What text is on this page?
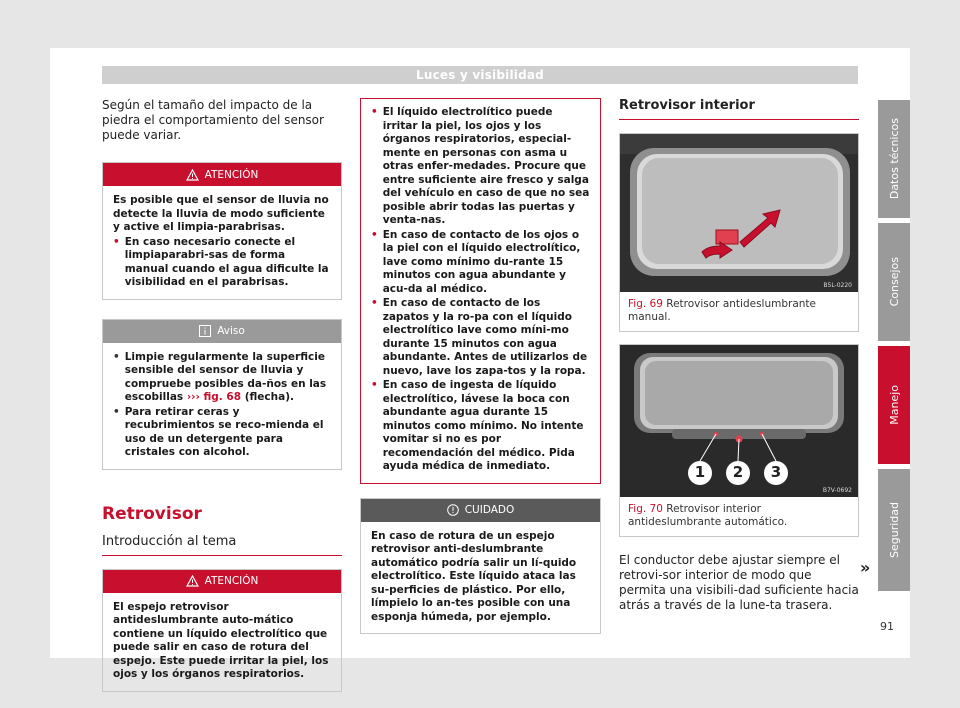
Luces y visibilidad

Según el tamaño del impacto de la piedra el comportamiento del sensor puede variar.

ATENCIÓN

Es posible que el sensor de lluvia no detecte la lluvia de modo suficiente y active el limpia-parabrisas.

• En caso necesario conecte el limpiaparabri-sas de forma manual cuando el agua dificulte la visibilidad en el parabrisas.
Aviso
• Limpie regularmente la superficie sensible del sensor de lluvia y compruebe posibles da-ños en las escobillas ››› fig. 68 (flecha).
• Para retirar ceras y recubrimientos se reco-mienda el uso de un detergente para cristales con alcohol.
Retrovisor
Introducción al tema
ATENCIÓN

El espejo retrovisor antideslumbrante auto-mático contiene un líquido electrolítico que puede salir en caso de rotura del espejo. Este puede irritar la piel, los ojos y los órganos respiratorios.

• El líquido electrolítico puede irritar la piel, los ojos y los órganos respiratorios, especial-mente en personas con asma u otras enfer-medades. Procure que entre suficiente aire fresco y salga del vehículo en caso de que no sea posible abrir todas las puertas y venta-nas.
• En caso de contacto de los ojos o la piel con el líquido electrolítico, lave como mínimo du-rante 15 minutos con agua abundante y acu-da al médico.
• En caso de contacto de los zapatos y la ro-pa con el líquido electrolítico lave como míni-mo durante 15 minutos con agua abundante. Antes de utilizarlos de nuevo, lave los zapa-tos y la ropa.
• En caso de ingesta de líquido electrolítico, lávese la boca con abundante agua durante 15 minutos como mínimo. No intente vomitar si no es por recomendación del médico. Pida ayuda médica de inmediato.
CUIDADO

En caso de rotura de un espejo retrovisor anti-deslumbrante automático podría salir un lí-quido electrolítico. Este líquido ataca las su-perficies de plástico. Por ello, límpielo lo an-tes posible con una esponja húmeda, por ejemplo.

Retrovisor interior
B5L-0220

Fig. 69 Retrovisor antideslumbrante manual.

1 2 3
B7V-0692

Fig. 70 Retrovisor interior antideslumbrante automático.

El conductor debe ajustar siempre el retrovi-sor interior de modo que permita una visibili-dad suficiente hacia atrás a través de la lune-ta trasera.

»
Datos técnicos
Consejos
Manejo
Seguridad
91
